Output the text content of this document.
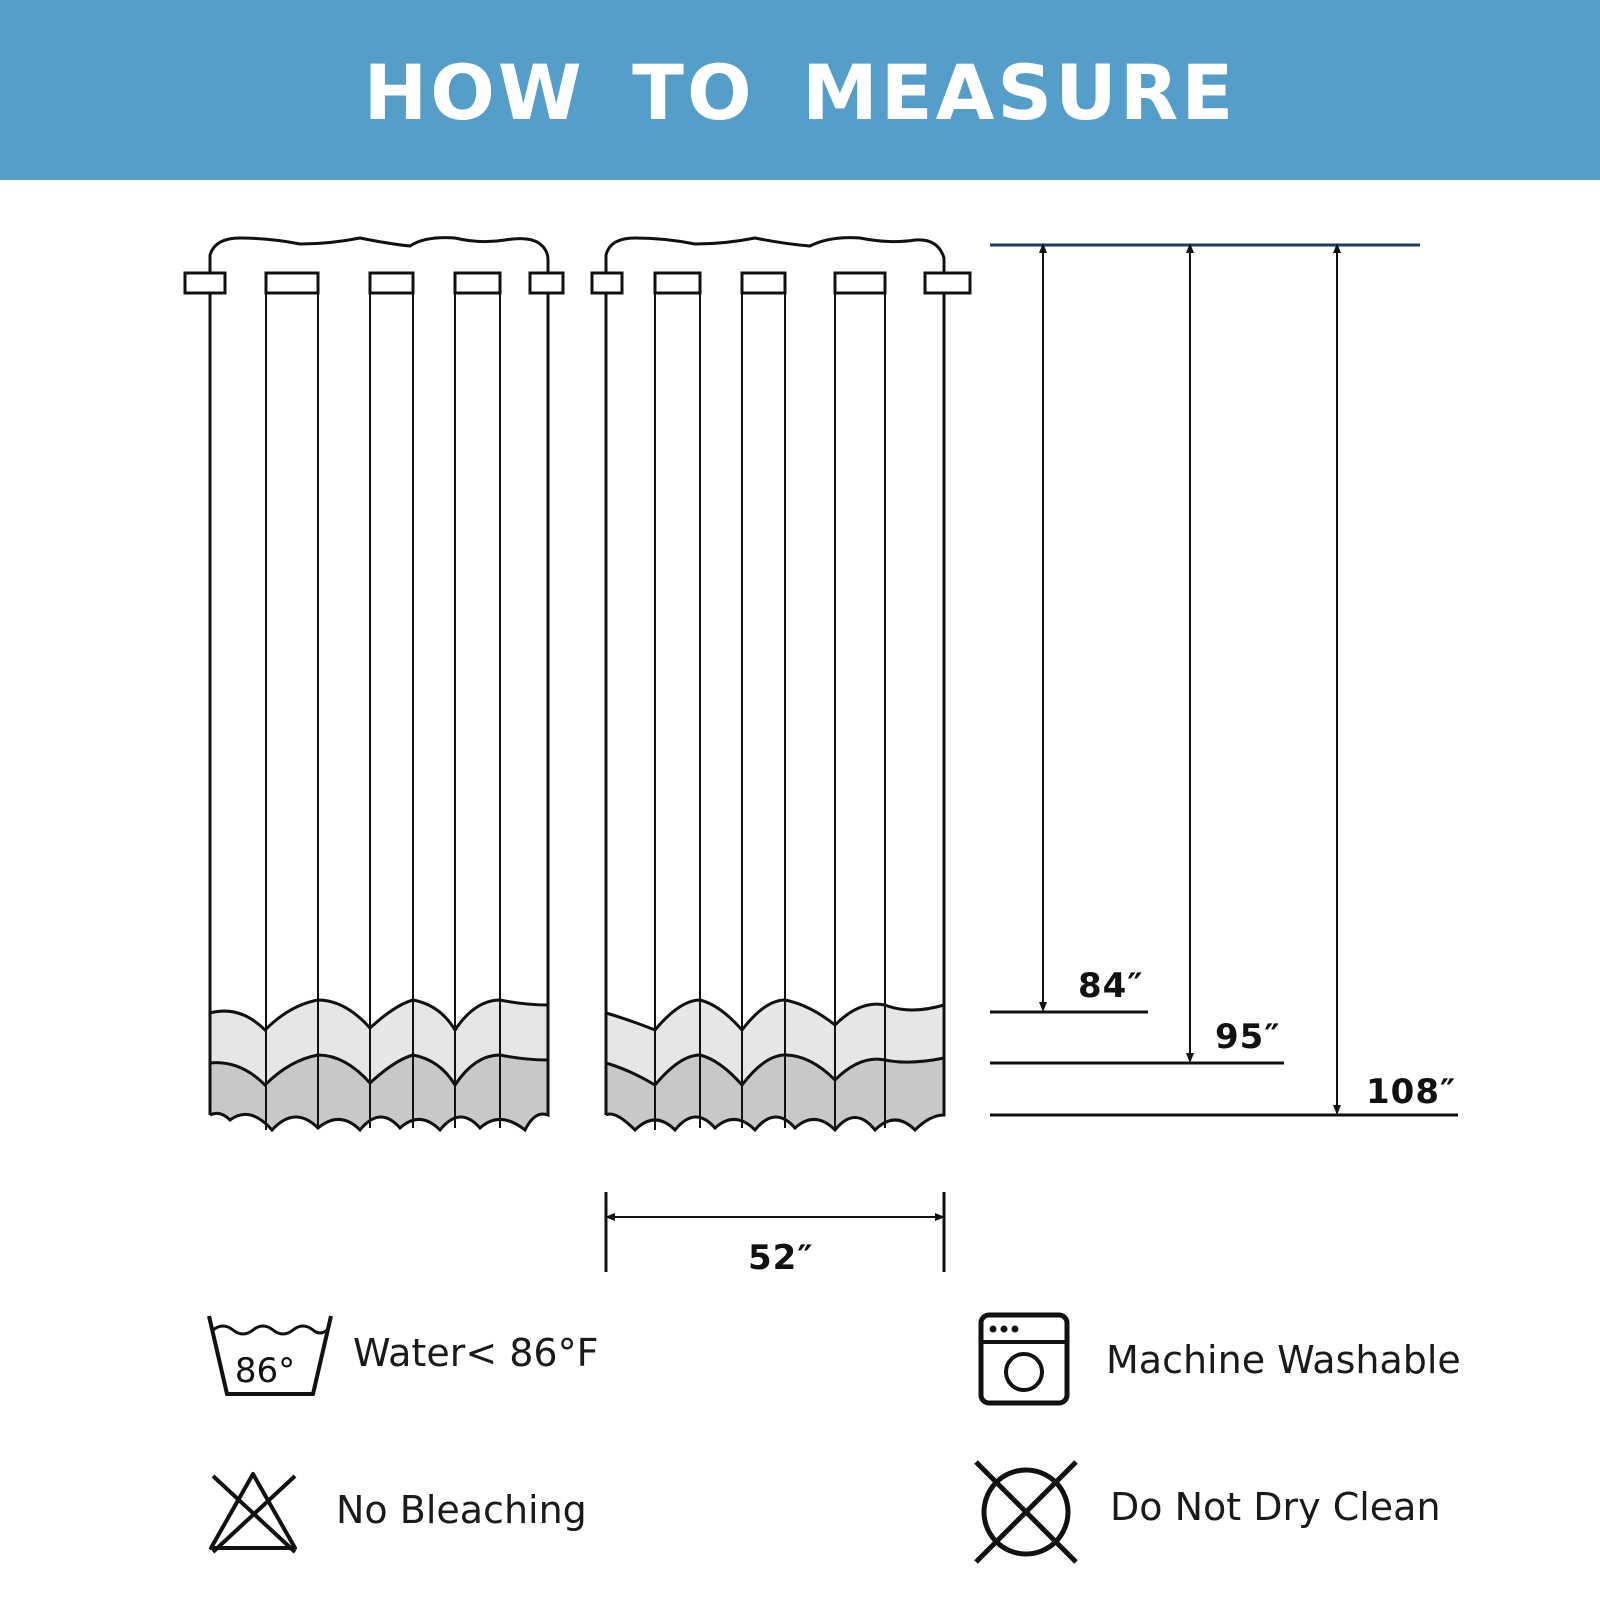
HOW TO MEASURE
84″
95″
108″
52″
86° Water< 86°F	Machine Washable
No Bleaching	Do Not Dry Clean
